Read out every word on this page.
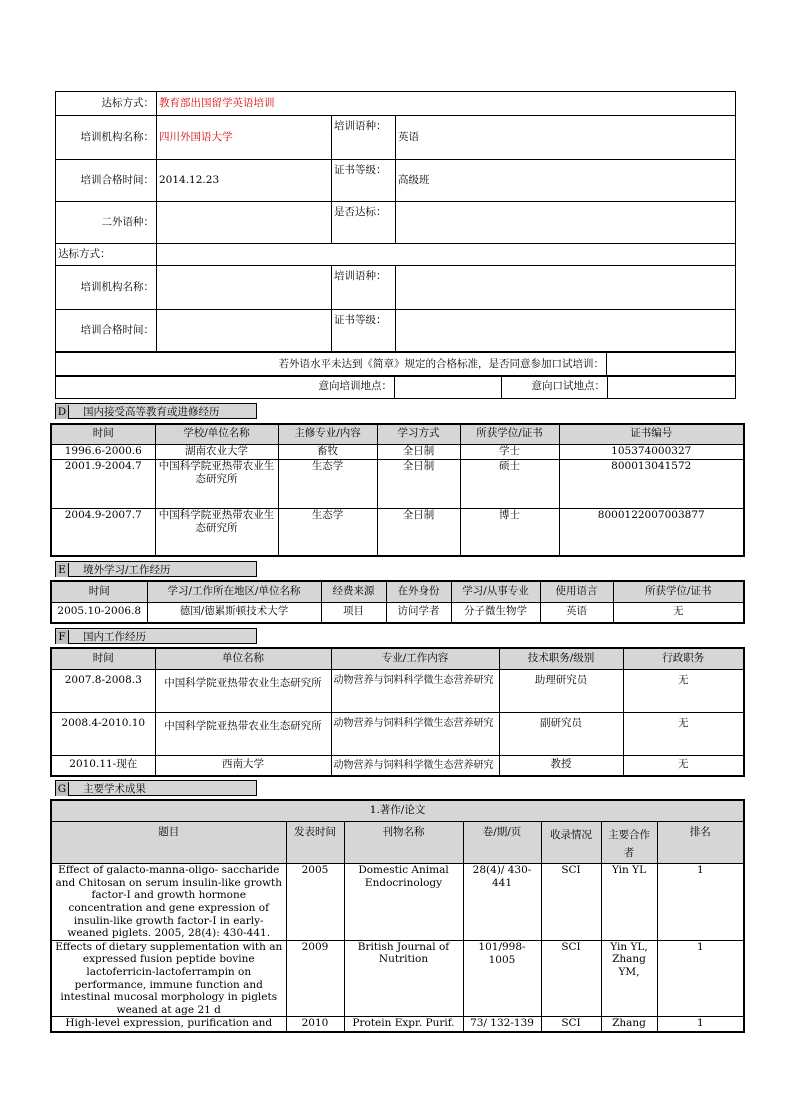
达标方式：	教育部出国留学英语培训		
培训机构名称：	四川外国语大学	培训语种：	英语
培训合格时间：	2014.12.23	证书等级：	高级班
二外语种：		是否达标：	
达标方式：			
培训机构名称：		培训语种：	
培训合格时间：		证书等级：	
若外语水平未达到《简章》规定的合格标准，是否同意参加口试培训：	
意向培训地点：		意向口试地点：	
D 国内接受高等教育或进修经历
时间	学校/单位名称	主修专业/内容	学习方式	所获学位/证书	证书编号
1996.6-2000.6	湖南农业大学	畜牧	全日制	学士	105374000327
2001.9-2004.7	中国科学院亚热带农业生态研究所	生态学	全日制	硕士	800013041572
2004.9-2007.7	中国科学院亚热带农业生态研究所	生态学	全日制	博士	8000122007003877
E 境外学习/工作经历
时间	学习/工作所在地区/单位名称	经费来源	在外身份	学习/从事专业	使用语言	所获学位/证书
2005.10-2006.8	德国/德累斯顿技术大学	项目	访问学者	分子微生物学	英语	无
F 国内工作经历
时间	单位名称	专业/工作内容	技术职务/级别	行政职务
2007.8-2008.3	中国科学院亚热带农业生态研究所	动物营养与饲料科学微生态营养研究	助理研究员	无
2008.4-2010.10	中国科学院亚热带农业生态研究所	动物营养与饲料科学微生态营养研究	副研究员	无
2010.11-现在	西南大学	动物营养与饲料科学微生态营养研究	教授	无
G 主要学术成果
1.著作/论文						
题目	发表时间	刊物名称	卷/期/页	收录情况	主要合作者	排名
Effect of galacto-manna-oligo- saccharide and Chitosan on serum insulin-like growth factor-I and growth hormone concentration and gene expression of insulin-like growth factor-I in early-weaned piglets. 2005, 28(4): 430-441.	2005	Domestic Animal Endocrinology	28(4)/ 430-441	SCI	Yin YL	1
Effects of dietary supplementation with an expressed fusion peptide bovine lactoferricin-lactoferrampin on performance, immune function and intestinal mucosal morphology in piglets weaned at age 21 d	2009	British Journal of Nutrition	101/998-1005	SCI	Yin YL, Zhang YM,	1
High-level expression, purification and	2010	Protein Expr. Purif.	73/ 132-139	SCI	Zhang	1
